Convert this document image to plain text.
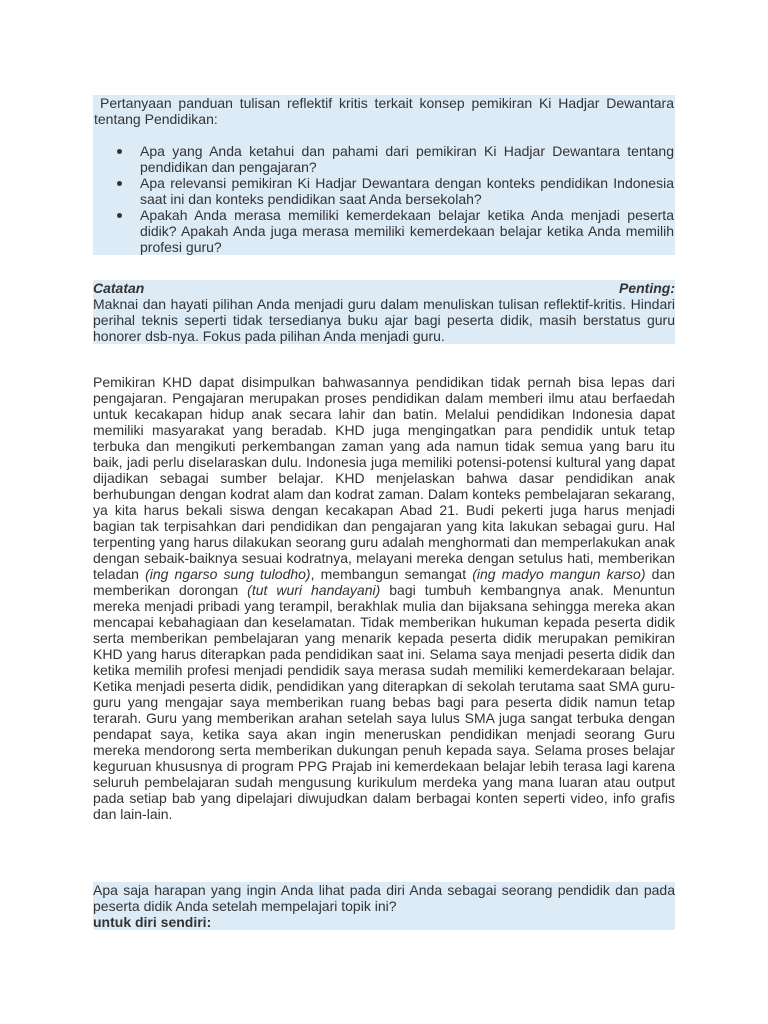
Pertanyaan panduan tulisan reflektif kritis terkait konsep pemikiran Ki Hadjar Dewantara tentang Pendidikan:

Apa yang Anda ketahui dan pahami dari pemikiran Ki Hadjar Dewantara tentang pendidikan dan pengajaran?
Apa relevansi pemikiran Ki Hadjar Dewantara dengan konteks pendidikan Indonesia saat ini dan konteks pendidikan saat Anda bersekolah?
Apakah Anda merasa memiliki kemerdekaan belajar ketika Anda menjadi peserta didik? Apakah Anda juga merasa memiliki kemerdekaan belajar ketika Anda memilih profesi guru?
Catatan	Penting:

Maknai dan hayati pilihan Anda menjadi guru dalam menuliskan tulisan reflektif-kritis. Hindari perihal teknis seperti tidak tersedianya buku ajar bagi peserta didik, masih berstatus guru honorer dsb-nya. Fokus pada pilihan Anda menjadi guru.

Pemikiran KHD dapat disimpulkan bahwasannya pendidikan tidak pernah bisa lepas dari pengajaran. Pengajaran merupakan proses pendidikan dalam memberi ilmu atau berfaedah untuk kecakapan hidup anak secara lahir dan batin. Melalui pendidikan Indonesia dapat memiliki masyarakat yang beradab. KHD juga mengingatkan para pendidik untuk tetap terbuka dan mengikuti perkembangan zaman yang ada namun tidak semua yang baru itu baik, jadi perlu diselaraskan dulu. Indonesia juga memiliki potensi-potensi kultural yang dapat dijadikan sebagai sumber belajar. KHD menjelaskan bahwa dasar pendidikan anak berhubungan dengan kodrat alam dan kodrat zaman. Dalam konteks pembelajaran sekarang, ya kita harus bekali siswa dengan kecakapan Abad 21. Budi pekerti juga harus menjadi bagian tak terpisahkan dari pendidikan dan pengajaran yang kita lakukan sebagai guru. Hal terpenting yang harus dilakukan seorang guru adalah menghormati dan memperlakukan anak dengan sebaik-baiknya sesuai kodratnya, melayani mereka dengan setulus hati, memberikan teladan (ing ngarso sung tulodho), membangun semangat (ing madyo mangun karso) dan memberikan dorongan (tut wuri handayani) bagi tumbuh kembangnya anak. Menuntun mereka menjadi pribadi yang terampil, berakhlak mulia dan bijaksana sehingga mereka akan mencapai kebahagiaan dan keselamatan. Tidak memberikan hukuman kepada peserta didik serta memberikan pembelajaran yang menarik kepada peserta didik merupakan pemikiran KHD yang harus diterapkan pada pendidikan saat ini. Selama saya menjadi peserta didik dan ketika memilih profesi menjadi pendidik saya merasa sudah memiliki kemerdekaraan belajar. Ketika menjadi peserta didik, pendidikan yang diterapkan di sekolah terutama saat SMA guru-guru yang mengajar saya memberikan ruang bebas bagi para peserta didik namun tetap terarah. Guru yang memberikan arahan setelah saya lulus SMA juga sangat terbuka dengan pendapat saya, ketika saya akan ingin meneruskan pendidikan menjadi seorang Guru mereka mendorong serta memberikan dukungan penuh kepada saya. Selama proses belajar keguruan khususnya di program PPG Prajab ini kemerdekaan belajar lebih terasa lagi karena seluruh pembelajaran sudah mengusung kurikulum merdeka yang mana luaran atau output pada setiap bab yang dipelajari diwujudkan dalam berbagai konten seperti video, info grafis dan lain-lain.

Apa saja harapan yang ingin Anda lihat pada diri Anda sebagai seorang pendidik dan pada peserta didik Anda setelah mempelajari topik ini?

untuk diri sendiri:
